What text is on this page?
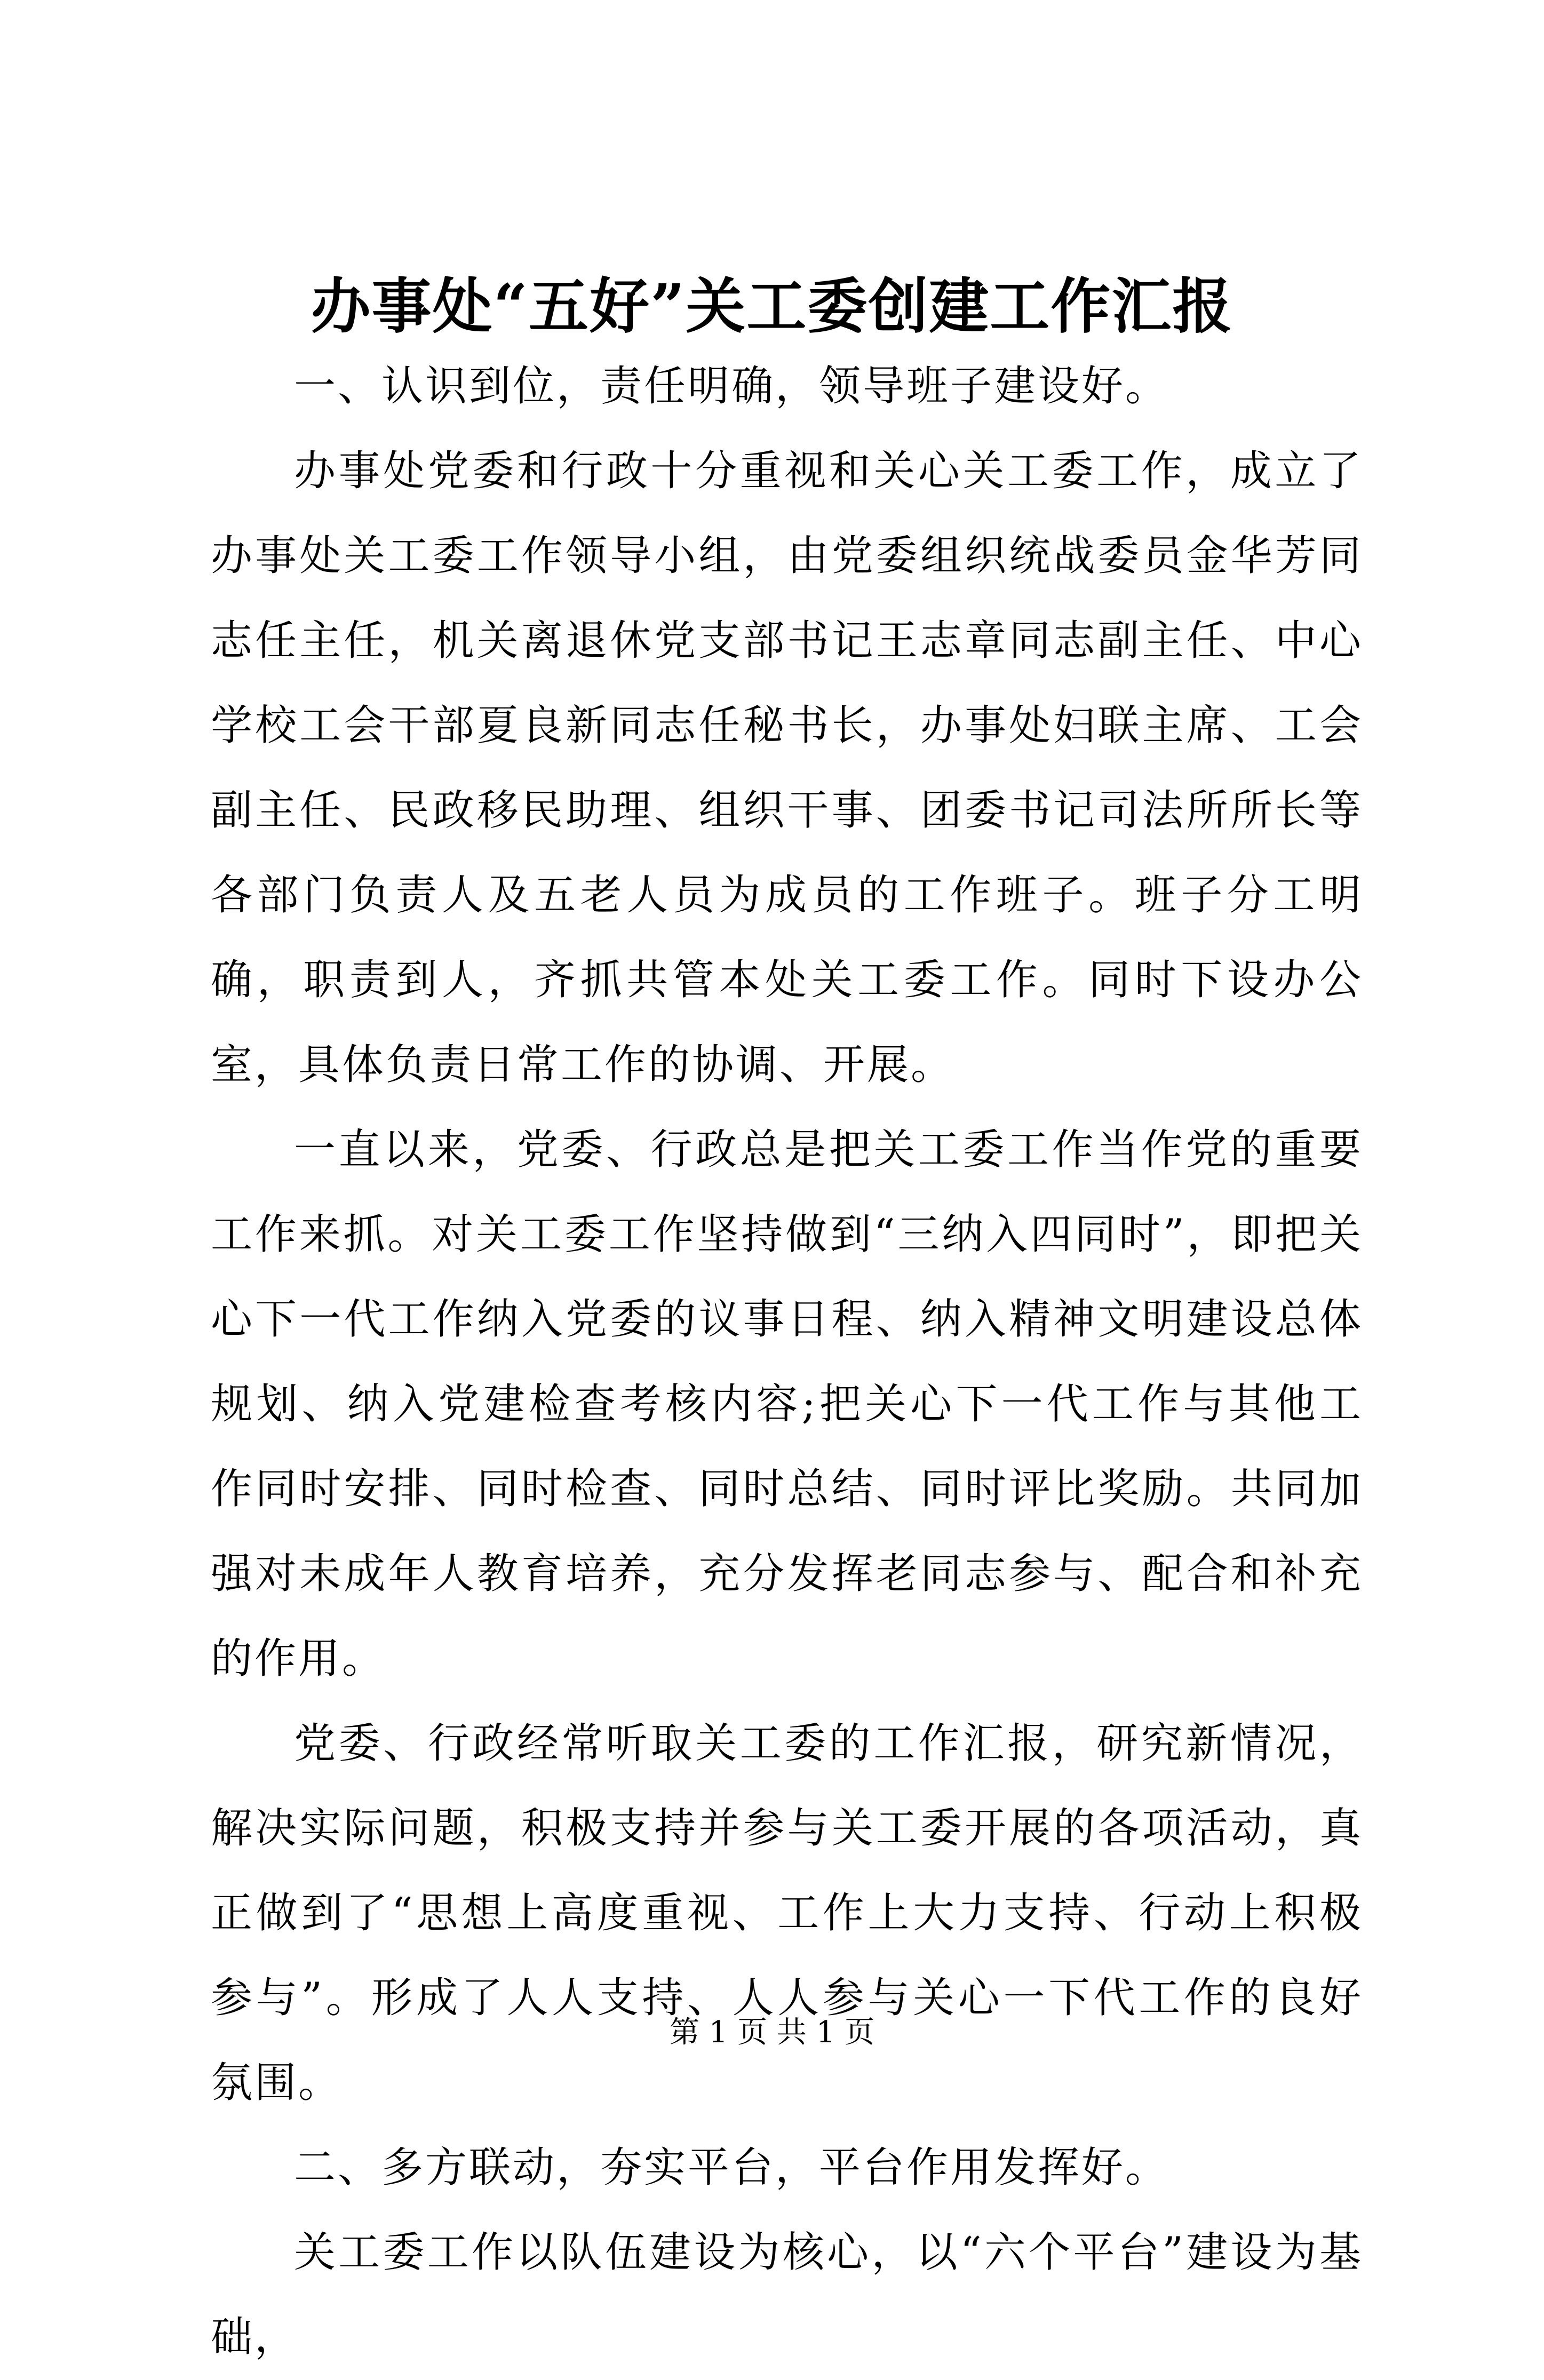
办事处“五好”关工委创建工作汇报

一、认识到位，责任明确，领导班子建设好。

办事处党委和行政十分重视和关心关工委工作，成立了办事处关工委工作领导小组，由党委组织统战委员金华芳同志任主任，机关离退休党支部书记王志章同志副主任、中心学校工会干部夏良新同志任秘书长，办事处妇联主席、工会副主任、民政移民助理、组织干事、团委书记司法所所长等各部门负责人及五老人员为成员的工作班子。班子分工明确，职责到人，齐抓共管本处关工委工作。同时下设办公室，具体负责日常工作的协调、开展。

一直以来，党委、行政总是把关工委工作当作党的重要工作来抓。对关工委工作坚持做到“三纳入四同时”，即把关心下一代工作纳入党委的议事日程、纳入精神文明建设总体规划、纳入党建检查考核内容;把关心下一代工作与其他工作同时安排、同时检查、同时总结、同时评比奖励。共同加强对未成年人教育培养，充分发挥老同志参与、配合和补充的作用。

党委、行政经常听取关工委的工作汇报，研究新情况，解决实际问题，积极支持并参与关工委开展的各项活动，真正做到了“思想上高度重视、工作上大力支持、行动上积极参与”。形成了人人支持、人人参与关心一下代工作的良好氛围。

二、多方联动，夯实平台，平台作用发挥好。

关工委工作以队伍建设为核心，以“六个平台”建设为基础，

第 1 页 共 1 页
